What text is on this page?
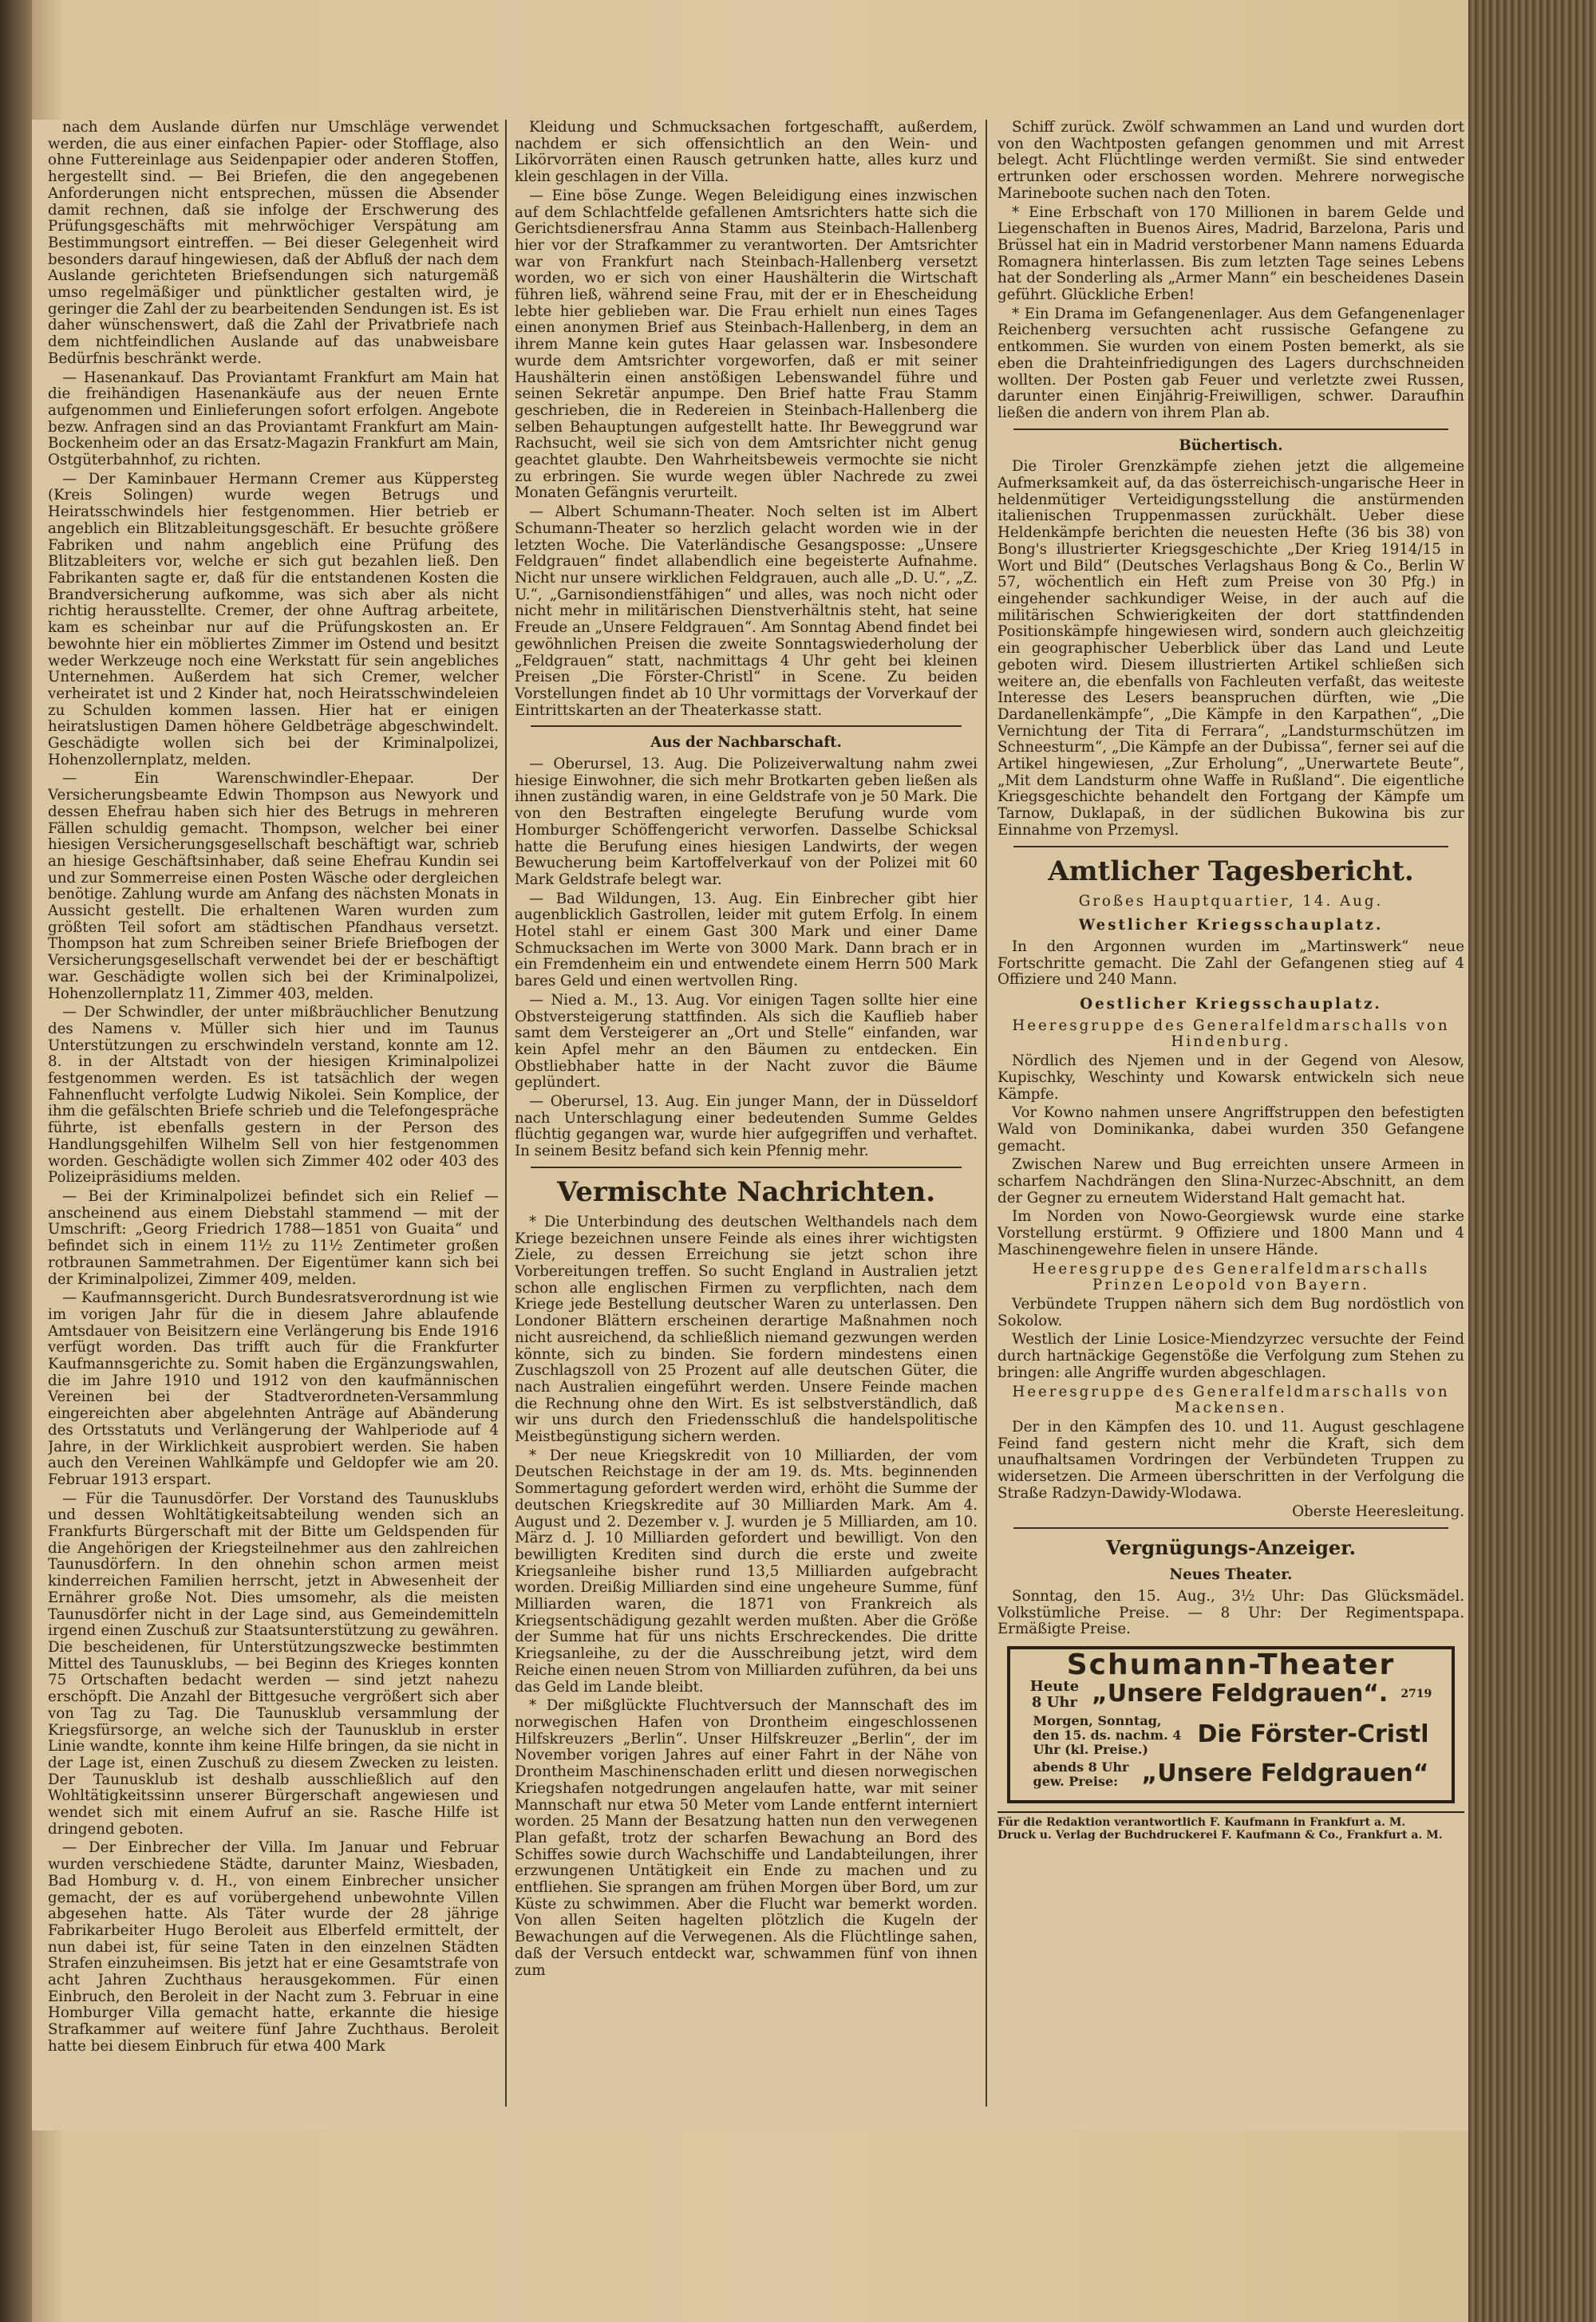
nach dem Auslande dürfen nur Umschläge verwendet werden, die aus einer einfachen Papier- oder Stofflage, also ohne Futtereinlage aus Seidenpapier oder anderen Stoffen, hergestellt sind. — Bei Briefen, die den angegebenen Anforderungen nicht entsprechen, müssen die Absender damit rechnen, daß sie infolge der Erschwerung des Prüfungsgeschäfts mit mehrwöchiger Verspätung am Bestimmungsort eintreffen. — Bei dieser Gelegenheit wird besonders darauf hingewiesen, daß der Abfluß der nach dem Auslande gerichteten Briefsendungen sich naturgemäß umso regelmäßiger und pünktlicher gestalten wird, je geringer die Zahl der zu bearbeitenden Sendungen ist. Es ist daher wünschenswert, daß die Zahl der Privatbriefe nach dem nichtfeindlichen Auslande auf das unabweisbare Bedürfnis beschränkt werde.

— Hasenankauf. Das Proviantamt Frankfurt am Main hat die freihändigen Hasenankäufe aus der neuen Ernte aufgenommen und Einlieferungen sofort erfolgen. Angebote bezw. Anfragen sind an das Proviantamt Frankfurt am Main-Bockenheim oder an das Ersatz-Magazin Frankfurt am Main, Ostgüterbahnhof, zu richten.

— Der Kaminbauer Hermann Cremer aus Küppersteg (Kreis Solingen) wurde wegen Betrugs und Heiratsschwindels hier festgenommen. Hier betrieb er angeblich ein Blitzableitungsgeschäft. Er besuchte größere Fabriken und nahm angeblich eine Prüfung des Blitzableiters vor, welche er sich gut bezahlen ließ. Den Fabrikanten sagte er, daß für die entstandenen Kosten die Brandversicherung aufkomme, was sich aber als nicht richtig herausstellte. Cremer, der ohne Auftrag arbeitete, kam es scheinbar nur auf die Prüfungskosten an. Er bewohnte hier ein möbliertes Zimmer im Ostend und besitzt weder Werkzeuge noch eine Werkstatt für sein angebliches Unternehmen. Außerdem hat sich Cremer, welcher verheiratet ist und 2 Kinder hat, noch Heiratsschwindeleien zu Schulden kommen lassen. Hier hat er einigen heiratslustigen Damen höhere Geldbeträge abgeschwindelt. Geschädigte wollen sich bei der Kriminalpolizei, Hohenzollernplatz, melden.

— Ein Warenschwindler-Ehepaar. Der Versicherungsbeamte Edwin Thompson aus Newyork und dessen Ehefrau haben sich hier des Betrugs in mehreren Fällen schuldig gemacht. Thompson, welcher bei einer hiesigen Versicherungsgesellschaft beschäftigt war, schrieb an hiesige Geschäftsinhaber, daß seine Ehefrau Kundin sei und zur Sommerreise einen Posten Wäsche oder dergleichen benötige. Zahlung wurde am Anfang des nächsten Monats in Aussicht gestellt. Die erhaltenen Waren wurden zum größten Teil sofort am städtischen Pfandhaus versetzt. Thompson hat zum Schreiben seiner Briefe Briefbogen der Versicherungsgesellschaft verwendet bei der er beschäftigt war. Geschädigte wollen sich bei der Kriminalpolizei, Hohenzollernplatz 11, Zimmer 403, melden.

— Der Schwindler, der unter mißbräuchlicher Benutzung des Namens v. Müller sich hier und im Taunus Unterstützungen zu erschwindeln verstand, konnte am 12. 8. in der Altstadt von der hiesigen Kriminalpolizei festgenommen werden. Es ist tatsächlich der wegen Fahnenflucht verfolgte Ludwig Nikolei. Sein Komplice, der ihm die gefälschten Briefe schrieb und die Telefongespräche führte, ist ebenfalls gestern in der Person des Handlungsgehilfen Wilhelm Sell von hier festgenommen worden. Geschädigte wollen sich Zimmer 402 oder 403 des Polizeipräsidiums melden.

— Bei der Kriminalpolizei befindet sich ein Relief — anscheinend aus einem Diebstahl stammend — mit der Umschrift: „Georg Friedrich 1788—1851 von Guaita“ und befindet sich in einem 11½ zu 11½ Zentimeter großen rotbraunen Sammetrahmen. Der Eigentümer kann sich bei der Kriminalpolizei, Zimmer 409, melden.

— Kaufmannsgericht. Durch Bundesratsverordnung ist wie im vorigen Jahr für die in diesem Jahre ablaufende Amtsdauer von Beisitzern eine Verlängerung bis Ende 1916 verfügt worden. Das trifft auch für die Frankfurter Kaufmannsgerichte zu. Somit haben die Ergänzungswahlen, die im Jahre 1910 und 1912 von den kaufmännischen Vereinen bei der Stadtverordneten-Versammlung eingereichten aber abgelehnten Anträge auf Abänderung des Ortsstatuts und Verlängerung der Wahlperiode auf 4 Jahre, in der Wirklichkeit ausprobiert werden. Sie haben auch den Vereinen Wahlkämpfe und Geldopfer wie am 20. Februar 1913 erspart.

— Für die Taunusdörfer. Der Vorstand des Taunusklubs und dessen Wohltätigkeitsabteilung wenden sich an Frankfurts Bürgerschaft mit der Bitte um Geldspenden für die Angehörigen der Kriegsteilnehmer aus den zahlreichen Taunusdörfern. In den ohnehin schon armen meist kinderreichen Familien herrscht, jetzt in Abwesenheit der Ernährer große Not. Dies umsomehr, als die meisten Taunusdörfer nicht in der Lage sind, aus Gemeindemitteln irgend einen Zuschuß zur Staatsunterstützung zu gewähren. Die bescheidenen, für Unterstützungszwecke bestimmten Mittel des Taunusklubs, — bei Beginn des Krieges konnten 75 Ortschaften bedacht werden — sind jetzt nahezu erschöpft. Die Anzahl der Bittgesuche vergrößert sich aber von Tag zu Tag. Die Taunusklub versammlung der Kriegsfürsorge, an welche sich der Taunusklub in erster Linie wandte, konnte ihm keine Hilfe bringen, da sie nicht in der Lage ist, einen Zuschuß zu diesem Zwecken zu leisten. Der Taunusklub ist deshalb ausschließlich auf den Wohltätigkeitssinn unserer Bürgerschaft angewiesen und wendet sich mit einem Aufruf an sie. Rasche Hilfe ist dringend geboten.

— Der Einbrecher der Villa. Im Januar und Februar wurden verschiedene Städte, darunter Mainz, Wiesbaden, Bad Homburg v. d. H., von einem Einbrecher unsicher gemacht, der es auf vorübergehend unbewohnte Villen abgesehen hatte. Als Täter wurde der 28 jährige Fabrikarbeiter Hugo Beroleit aus Elberfeld ermittelt, der nun dabei ist, für seine Taten in den einzelnen Städten Strafen einzuheimsen. Bis jetzt hat er eine Gesamtstrafe von acht Jahren Zuchthaus herausgekommen. Für einen Einbruch, den Beroleit in der Nacht zum 3. Februar in eine Homburger Villa gemacht hatte, erkannte die hiesige Strafkammer auf weitere fünf Jahre Zuchthaus. Beroleit hatte bei diesem Einbruch für etwa 400 Mark

Kleidung und Schmucksachen fortgeschafft, außerdem, nachdem er sich offensichtlich an den Wein- und Likörvorräten einen Rausch getrunken hatte, alles kurz und klein geschlagen in der Villa.

— Eine böse Zunge. Wegen Beleidigung eines inzwischen auf dem Schlachtfelde gefallenen Amtsrichters hatte sich die Gerichtsdienersfrau Anna Stamm aus Steinbach-Hallenberg hier vor der Strafkammer zu verantworten. Der Amtsrichter war von Frankfurt nach Steinbach-Hallenberg versetzt worden, wo er sich von einer Haushälterin die Wirtschaft führen ließ, während seine Frau, mit der er in Ehescheidung lebte hier geblieben war. Die Frau erhielt nun eines Tages einen anonymen Brief aus Steinbach-Hallenberg, in dem an ihrem Manne kein gutes Haar gelassen war. Insbesondere wurde dem Amtsrichter vorgeworfen, daß er mit seiner Haushälterin einen anstößigen Lebenswandel führe und seinen Sekretär anpumpe. Den Brief hatte Frau Stamm geschrieben, die in Redereien in Steinbach-Hallenberg die selben Behauptungen aufgestellt hatte. Ihr Beweggrund war Rachsucht, weil sie sich von dem Amtsrichter nicht genug geachtet glaubte. Den Wahrheitsbeweis vermochte sie nicht zu erbringen. Sie wurde wegen übler Nachrede zu zwei Monaten Gefängnis verurteilt.

— Albert Schumann-Theater. Noch selten ist im Albert Schumann-Theater so herzlich gelacht worden wie in der letzten Woche. Die Vaterländische Gesangsposse: „Unsere Feldgrauen“ findet allabendlich eine begeisterte Aufnahme. Nicht nur unsere wirklichen Feldgrauen, auch alle „D. U.“, „Z. U.“, „Garnisondienstfähigen“ und alles, was noch nicht oder nicht mehr in militärischen Dienstverhältnis steht, hat seine Freude an „Unsere Feldgrauen“. Am Sonntag Abend findet bei gewöhnlichen Preisen die zweite Sonntagswiederholung der „Feldgrauen“ statt, nachmittags 4 Uhr geht bei kleinen Preisen „Die Förster-Christl“ in Scene. Zu beiden Vorstellungen findet ab 10 Uhr vormittags der Vorverkauf der Eintrittskarten an der Theaterkasse statt.

Aus der Nachbarschaft.

— Oberursel, 13. Aug. Die Polizeiverwaltung nahm zwei hiesige Einwohner, die sich mehr Brotkarten geben ließen als ihnen zuständig waren, in eine Geldstrafe von je 50 Mark. Die von den Bestraften eingelegte Berufung wurde vom Homburger Schöffengericht verworfen. Dasselbe Schicksal hatte die Berufung eines hiesigen Landwirts, der wegen Bewucherung beim Kartoffelverkauf von der Polizei mit 60 Mark Geldstrafe belegt war.

— Bad Wildungen, 13. Aug. Ein Einbrecher gibt hier augenblicklich Gastrollen, leider mit gutem Erfolg. In einem Hotel stahl er einem Gast 300 Mark und einer Dame Schmucksachen im Werte von 3000 Mark. Dann brach er in ein Fremdenheim ein und entwendete einem Herrn 500 Mark bares Geld und einen wertvollen Ring.

— Nied a. M., 13. Aug. Vor einigen Tagen sollte hier eine Obstversteigerung stattfinden. Als sich die Kauflieb haber samt dem Versteigerer an „Ort und Stelle“ einfanden, war kein Apfel mehr an den Bäumen zu entdecken. Ein Obstliebhaber hatte in der Nacht zuvor die Bäume geplündert.

— Oberursel, 13. Aug. Ein junger Mann, der in Düsseldorf nach Unterschlagung einer bedeutenden Summe Geldes flüchtig gegangen war, wurde hier aufgegriffen und verhaftet. In seinem Besitz befand sich kein Pfennig mehr.

Vermischte Nachrichten.

* Die Unterbindung des deutschen Welthandels nach dem Kriege bezeichnen unsere Feinde als eines ihrer wichtigsten Ziele, zu dessen Erreichung sie jetzt schon ihre Vorbereitungen treffen. So sucht England in Australien jetzt schon alle englischen Firmen zu verpflichten, nach dem Kriege jede Bestellung deutscher Waren zu unterlassen. Den Londoner Blättern erscheinen derartige Maßnahmen noch nicht ausreichend, da schließlich niemand gezwungen werden könnte, sich zu binden. Sie fordern mindestens einen Zuschlagszoll von 25 Prozent auf alle deutschen Güter, die nach Australien eingeführt werden. Unsere Feinde machen die Rechnung ohne den Wirt. Es ist selbstverständlich, daß wir uns durch den Friedensschluß die handelspolitische Meistbegünstigung sichern werden.

* Der neue Kriegskredit von 10 Milliarden, der vom Deutschen Reichstage in der am 19. ds. Mts. beginnenden Sommertagung gefordert werden wird, erhöht die Summe der deutschen Kriegskredite auf 30 Milliarden Mark. Am 4. August und 2. Dezember v. J. wurden je 5 Milliarden, am 10. März d. J. 10 Milliarden gefordert und bewilligt. Von den bewilligten Krediten sind durch die erste und zweite Kriegsanleihe bisher rund 13,5 Milliarden aufgebracht worden. Dreißig Milliarden sind eine ungeheure Summe, fünf Milliarden waren, die 1871 von Frankreich als Kriegsentschädigung gezahlt werden mußten. Aber die Größe der Summe hat für uns nichts Erschreckendes. Die dritte Kriegsanleihe, zu der die Ausschreibung jetzt, wird dem Reiche einen neuen Strom von Milliarden zuführen, da bei uns das Geld im Lande bleibt.

* Der mißglückte Fluchtversuch der Mannschaft des im norwegischen Hafen von Drontheim eingeschlossenen Hilfskreuzers „Berlin“. Unser Hilfskreuzer „Berlin“, der im November vorigen Jahres auf einer Fahrt in der Nähe von Drontheim Maschinenschaden erlitt und diesen norwegischen Kriegshafen notgedrungen angelaufen hatte, war mit seiner Mannschaft nur etwa 50 Meter vom Lande entfernt interniert worden. 25 Mann der Besatzung hatten nun den verwegenen Plan gefaßt, trotz der scharfen Bewachung an Bord des Schiffes sowie durch Wachschiffe und Landabteilungen, ihrer erzwungenen Untätigkeit ein Ende zu machen und zu entfliehen. Sie sprangen am frühen Morgen über Bord, um zur Küste zu schwimmen. Aber die Flucht war bemerkt worden. Von allen Seiten hagelten plötzlich die Kugeln der Bewachungen auf die Verwegenen. Als die Flüchtlinge sahen, daß der Versuch entdeckt war, schwammen fünf von ihnen zum

Schiff zurück. Zwölf schwammen an Land und wurden dort von den Wachtposten gefangen genommen und mit Arrest belegt. Acht Flüchtlinge werden vermißt. Sie sind entweder ertrunken oder erschossen worden. Mehrere norwegische Marineboote suchen nach den Toten.

* Eine Erbschaft von 170 Millionen in barem Gelde und Liegenschaften in Buenos Aires, Madrid, Barzelona, Paris und Brüssel hat ein in Madrid verstorbener Mann namens Eduarda Romagnera hinterlassen. Bis zum letzten Tage seines Lebens hat der Sonderling als „Armer Mann“ ein bescheidenes Dasein geführt. Glückliche Erben!

* Ein Drama im Gefangenenlager. Aus dem Gefangenenlager Reichenberg versuchten acht russische Gefangene zu entkommen. Sie wurden von einem Posten bemerkt, als sie eben die Drahteinfriedigungen des Lagers durchschneiden wollten. Der Posten gab Feuer und verletzte zwei Russen, darunter einen Einjährig-Freiwilligen, schwer. Daraufhin ließen die andern von ihrem Plan ab.

Büchertisch.

Die Tiroler Grenzkämpfe ziehen jetzt die allgemeine Aufmerksamkeit auf, da das österreichisch-ungarische Heer in heldenmütiger Verteidigungsstellung die anstürmenden italienischen Truppenmassen zurückhält. Ueber diese Heldenkämpfe berichten die neuesten Hefte (36 bis 38) von Bong's illustrierter Kriegsgeschichte „Der Krieg 1914/15 in Wort und Bild“ (Deutsches Verlagshaus Bong & Co., Berlin W 57, wöchentlich ein Heft zum Preise von 30 Pfg.) in eingehender sachkundiger Weise, in der auch auf die militärischen Schwierigkeiten der dort stattfindenden Positionskämpfe hingewiesen wird, sondern auch gleichzeitig ein geographischer Ueberblick über das Land und Leute geboten wird. Diesem illustrierten Artikel schließen sich weitere an, die ebenfalls von Fachleuten verfaßt, das weiteste Interesse des Lesers beanspruchen dürften, wie „Die Dardanellenkämpfe“, „Die Kämpfe in den Karpathen“, „Die Vernichtung der Tita di Ferrara“, „Landsturmschützen im Schneesturm“, „Die Kämpfe an der Dubissa“, ferner sei auf die Artikel hingewiesen, „Zur Erholung“, „Unerwartete Beute“, „Mit dem Landsturm ohne Waffe in Rußland“. Die eigentliche Kriegsgeschichte behandelt den Fortgang der Kämpfe um Tarnow, Duklapaß, in der südlichen Bukowina bis zur Einnahme von Przemysl.

Amtlicher Tagesbericht.

Großes Hauptquartier, 14. Aug.

Westlicher Kriegsschauplatz.

In den Argonnen wurden im „Martinswerk“ neue Fortschritte gemacht. Die Zahl der Gefangenen stieg auf 4 Offiziere und 240 Mann.

Oestlicher Kriegsschauplatz.

Heeresgruppe des Generalfeldmarschalls von Hindenburg.

Nördlich des Njemen und in der Gegend von Alesow, Kupischky, Weschinty und Kowarsk entwickeln sich neue Kämpfe.

Vor Kowno nahmen unsere Angriffstruppen den befestigten Wald von Dominikanka, dabei wurden 350 Gefangene gemacht.

Zwischen Narew und Bug erreichten unsere Armeen in scharfem Nachdrängen den Slina-Nurzec-Abschnitt, an dem der Gegner zu erneutem Widerstand Halt gemacht hat.

Im Norden von Nowo-Georgiewsk wurde eine starke Vorstellung erstürmt. 9 Offiziere und 1800 Mann und 4 Maschinengewehre fielen in unsere Hände.

Heeresgruppe des Generalfeldmarschalls Prinzen Leopold von Bayern.

Verbündete Truppen nähern sich dem Bug nordöstlich von Sokolow.

Westlich der Linie Losice-Miendzyrzec versuchte der Feind durch hartnäckige Gegenstöße die Verfolgung zum Stehen zu bringen: alle Angriffe wurden abgeschlagen.

Heeresgruppe des Generalfeldmarschalls von Mackensen.

Der in den Kämpfen des 10. und 11. August geschlagene Feind fand gestern nicht mehr die Kraft, sich dem unaufhaltsamen Vordringen der Verbündeten Truppen zu widersetzen. Die Armeen überschritten in der Verfolgung die Straße Radzyn-Dawidy-Wlodawa.

Oberste Heeresleitung.

Vergnügungs-Anzeiger.

Neues Theater.

Sonntag, den 15. Aug., 3½ Uhr: Das Glücksmädel. Volkstümliche Preise. — 8 Uhr: Der Regimentspapa. Ermäßigte Preise.

Schumann-Theater
Heute
8 Uhr „Unsere Feldgrauen“. 2719
Morgen, Sonntag, den 15. ds. nachm. 4 Uhr (kl. Preise.)
Die Förster-Cristl
abends 8 Uhr gew. Preise: „Unsere Feldgrauen“
Für die Redaktion verantwortlich F. Kaufmann in Frankfurt a. M.
Druck u. Verlag der Buchdruckerei F. Kaufmann & Co., Frankfurt a. M.
